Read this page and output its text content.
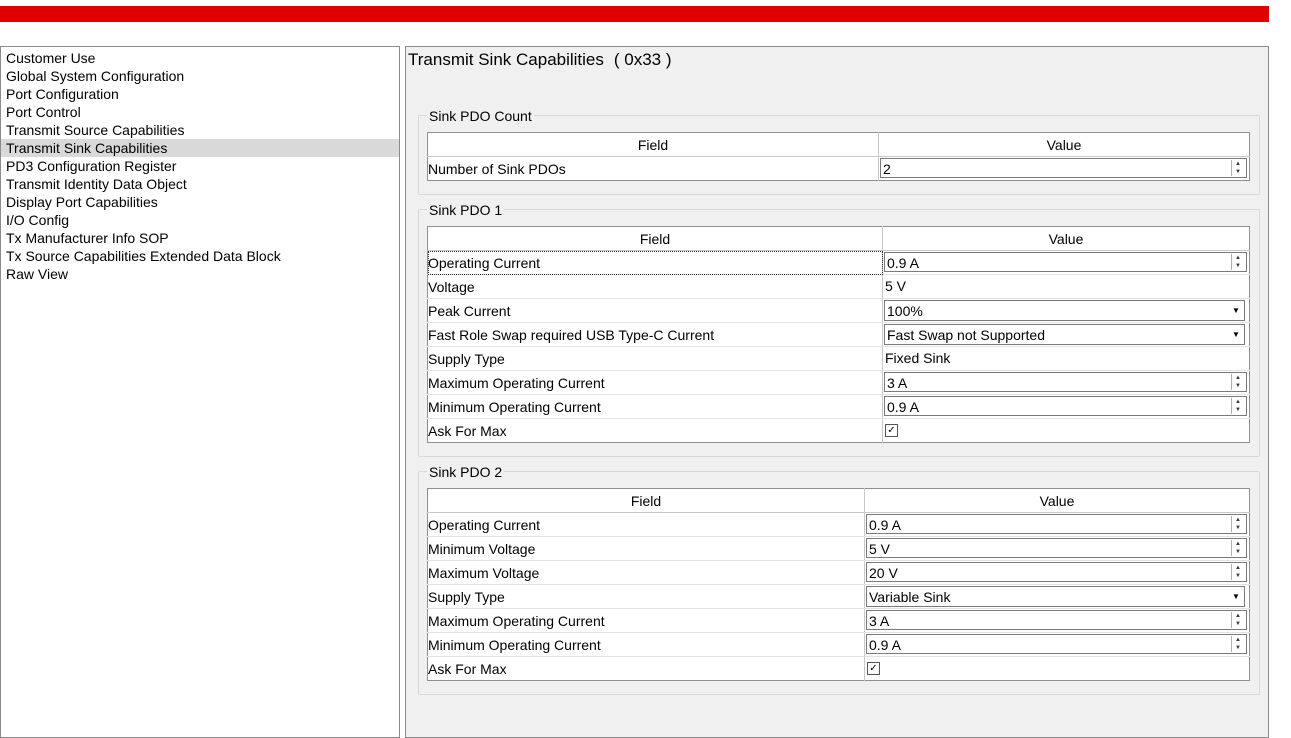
Customer Use
Global System Configuration
Port Configuration
Port Control
Transmit Source Capabilities
Transmit Sink Capabilities
PD3 Configuration Register
Transmit Identity Data Object
Display Port Capabilities
I/O Config
Tx Manufacturer Info SOP
Tx Source Capabilities Extended Data Block
Raw View
Transmit Sink Capabilities ( 0x33 )
Sink PDO Count
Field	Value
Number of Sink PDOs	2 ▲
▼
Sink PDO 1
Field	Value
Operating Current	0.9 A ▲
▼

Voltage	5 V

Peak Current	100% ▼

Fast Role Swap required USB Type-C Current	Fast Swap not Supported ▼

Supply Type	Fixed Sink

Maximum Operating Current	3 A ▲
▼

Minimum Operating Current	0.9 A ▲
▼

Ask For Max	✓
Sink PDO 2
Field	Value
Operating Current	0.9 A ▲
▼

Minimum Voltage	5 V ▲
▼

Maximum Voltage	20 V ▲
▼

Supply Type	Variable Sink ▼

Maximum Operating Current	3 A ▲
▼

Minimum Operating Current	0.9 A ▲
▼

Ask For Max	✓
